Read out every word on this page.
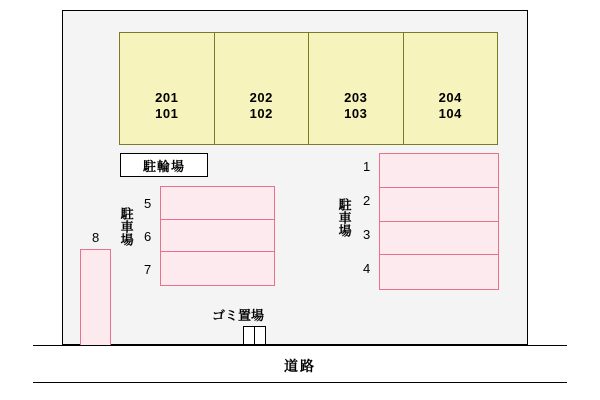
201
101
202
102
203
103
204
104
駐輪場
5
6
7
駐車場
1
2
3
4
駐車場
8
ゴミ置場
道路
